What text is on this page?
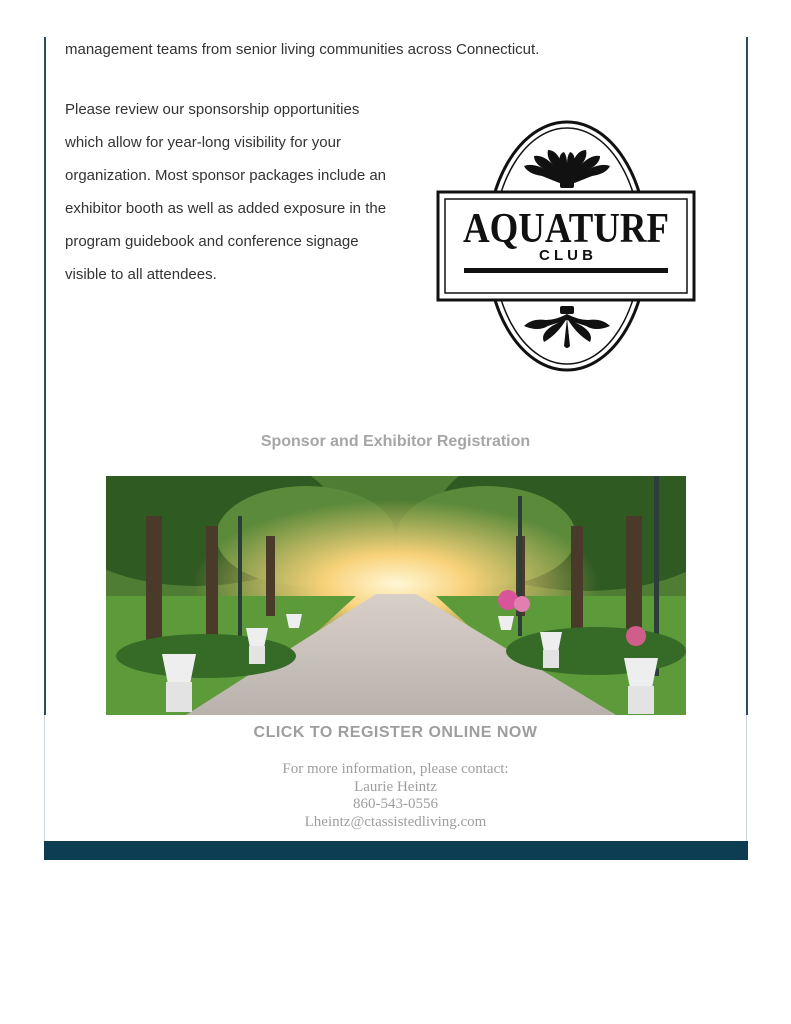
management teams from senior living communities across Connecticut.

Please review our sponsorship opportunities which allow for year-long visibility for your organization. Most sponsor packages include an exhibitor booth as well as added exposure in the program guidebook and conference signage visible to all attendees.

AQUATURF
C L U B
Sponsor and Exhibitor Registration
CLICK TO REGISTER ONLINE NOW
For more information, please contact:
Laurie Heintz
860-543-0556
Lheintz@ctassistedliving.com
